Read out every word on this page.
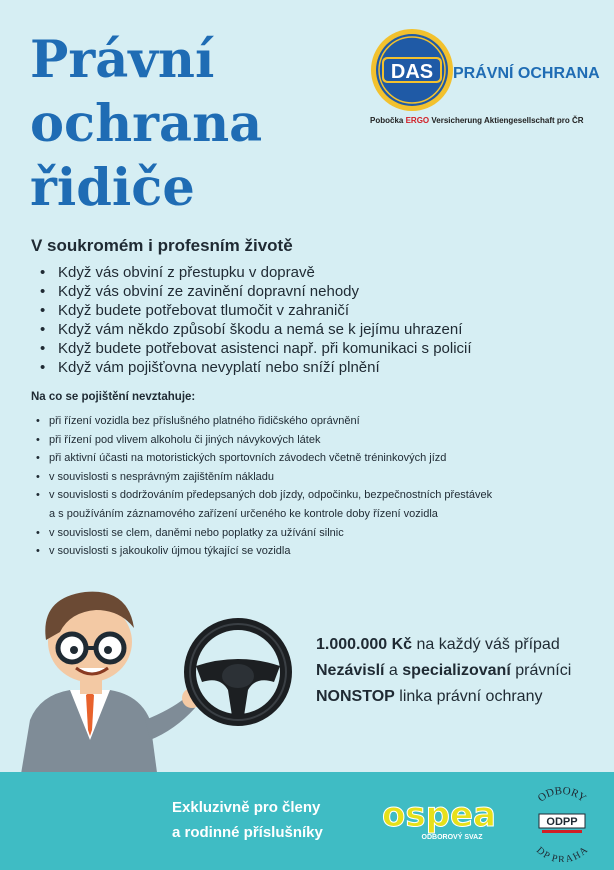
Právní
ochrana
řidiče
DAS PRÁVNÍ OCHRANA
Pobočka ERGO Versicherung Aktiengesellschaft pro ČR
V soukromém i profesním životě
• Když vás obviní z přestupku v dopravě
• Když vás obviní ze zavinění dopravní nehody
• Když budete potřebovat tlumočit v zahraničí
• Když vám někdo způsobí škodu a nemá se k jejímu uhrazení
• Když budete potřebovat asistenci např. při komunikaci s policií
• Když vám pojišťovna nevyplatí nebo sníží plnění
Na co se pojištění nevztahuje:
• při řízení vozidla bez příslušného platného řidičského oprávnění
• při řízení pod vlivem alkoholu či jiných návykových látek
• při aktivní účasti na motoristických sportovních závodech včetně tréninkových jízd
• v souvislosti s nesprávným zajištěním nákladu
• v souvislosti s dodržováním předepsaných dob jízdy, odpočinku, bezpečnostních přestávek
a s používáním záznamového zařízení určeného ke kontrole doby řízení vozidla
• v souvislosti se clem, daněmi nebo poplatky za užívání silnic
• v souvislosti s jakoukoliv újmou týkající se vozidla
1.000.000 Kč na každý váš případ
Nezávislí a specializovaní právníci
NONSTOP linka právní ochrany
Exkluzivně pro členy
a rodinné příslušníky ospea
ODBOROVÝ SVAZ
ODBORY
ODPP
DP PRAHA
